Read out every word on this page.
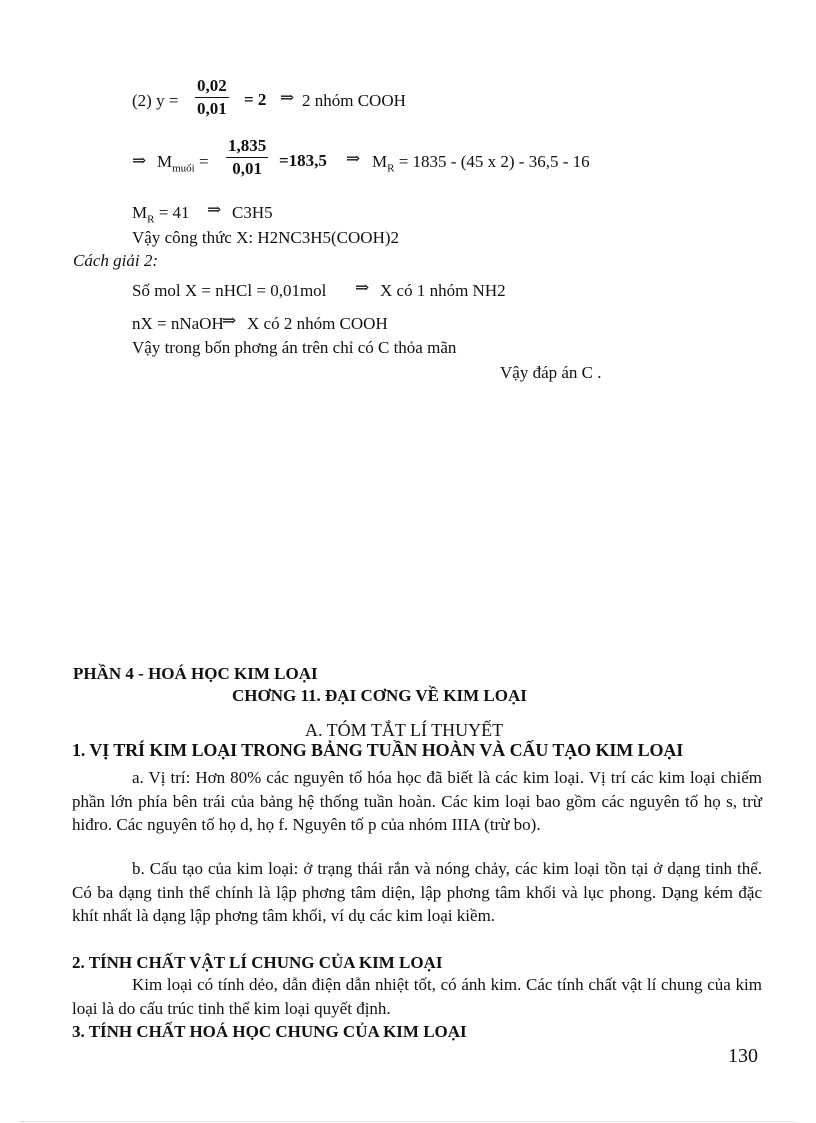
(2) y =
0,02
0,01 = 2 ⇒ 2 nhóm COOH
⇒ $M_{muối}$ =
1,835
0,01	=183,5 ⇒ $M_R = 1835 - (45$ x 2) - 36,5 - 16
$M_R = 41$ ⇒ C3H5
Vậy công thức X: H2NC3H5(COOH)2
Cách giải 2:
Số mol X = nHCl = 0,01mol ⇒ X có 1 nhóm NH2
nX = nNaOH
⇒ X có 2 nhóm COOH
Vậy trong bốn phơng án trên chỉ có C thỏa mãn
Vậy đáp án C .
PHẦN 4 - HOÁ HỌC KIM LOẠI
CHƠNG 11. ĐẠI CƠNG VỀ KIM LOẠI
A. TÓM TẮT LÍ THUYẾT
1. VỊ TRÍ KIM LOẠI TRONG BẢNG TUẦN HOÀN VÀ CẤU TẠO KIM LOẠI
a. Vị trí: Hơn 80% các nguyên tố hóa học đã biết là các kim loại. Vị trí các kim loại chiếm phần lớn phía bên trái của bảng hệ thống tuần hoàn. Các kim loại bao gồm các nguyên tố họ s, trừ hiđro. Các nguyên tố họ d, họ f. Nguyên tố p của nhóm IIIA (trừ bo).
b. Cấu tạo của kim loại: ở trạng thái rắn và nóng chảy, các kim loại tồn tại ở dạng tinh thể. Có ba dạng tinh thể chính là lập phơng tâm diện, lập phơng tâm khối và lục phong. Dạng kém đặc khít nhất là dạng lập phơng tâm khối, ví dụ các kim loại kiềm.
2. TÍNH CHẤT VẬT LÍ CHUNG CỦA KIM LOẠI
Kim loại có tính dẻo, dẫn điện dẫn nhiệt tốt, có ánh kim. Các tính chất vật lí chung của kim loại là do cấu trúc tinh thể kim loại quyết định.
3. TÍNH CHẤT HOÁ HỌC CHUNG CỦA KIM LOẠI
130
